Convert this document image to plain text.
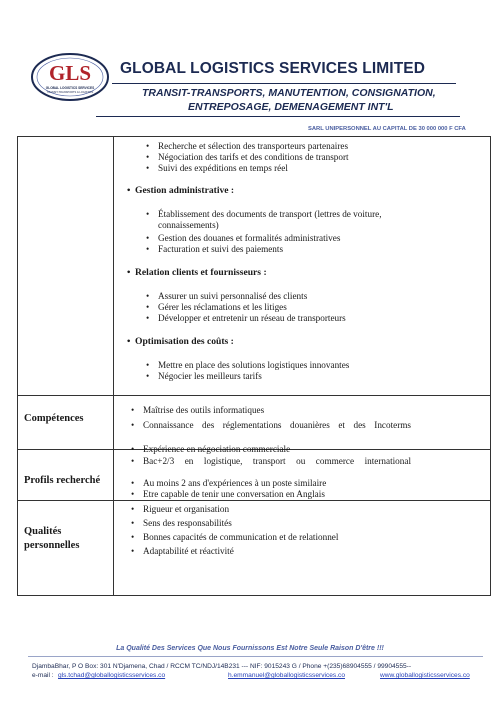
GLS
GLOBAL LOGISTICS SERVICES
TRANSIT-TRANSPORTS & LOGISTICS
GLOBAL LOGISTICS SERVICES LIMITED
TRANSIT-TRANSPORTS, MANUTENTION, CONSIGNATION,
ENTREPOSAGE, DEMENAGEMENT INT'L
SARL UNIPERSONNEL AU CAPITAL DE 30 000 000 F CFA
• Recherche et sélection des transporteurs partenaires
• Négociation des tarifs et des conditions de transport
• Suivi des expéditions en temps réel
• Gestion administrative :
• Établissement des documents de transport (lettres de voiture, connaissements)
• Gestion des douanes et formalités administratives
• Facturation et suivi des paiements
• Relation clients et fournisseurs :
• Assurer un suivi personnalisé des clients
• Gérer les réclamations et les litiges
• Développer et entretenir un réseau de transporteurs
• Optimisation des coûts :
• Mettre en place des solutions logistiques innovantes
• Négocier les meilleurs tarifs
Compétences
• Maîtrise des outils informatiques
• Connaissance des réglementations douanières et des Incoterms
• Expérience en négociation commerciale
Profils recherché
• Bac+2/3 en logistique, transport ou commerce international
• Au moins 2 ans d'expériences à un poste similaire
• Etre capable de tenir une conversation en Anglais
Qualités
personnelles
• Rigueur et organisation
• Sens des responsabilités
• Bonnes capacités de communication et de relationnel
• Adaptabilité et réactivité
La Qualité Des Services Que Nous Fournissons Est Notre Seule Raison D'être !!!
DjambaBhar, P O Box: 301 N'Djamena, Chad / RCCM TC/NDJ/14B231 --- NIF: 9015243 G / Phone +(235)68904555 / 99904555--
e-mail : gls.tchad@globallogisticsservices.co	h.emmanuel@globallogisticsservices.co	www.globallogisticsservices.co
